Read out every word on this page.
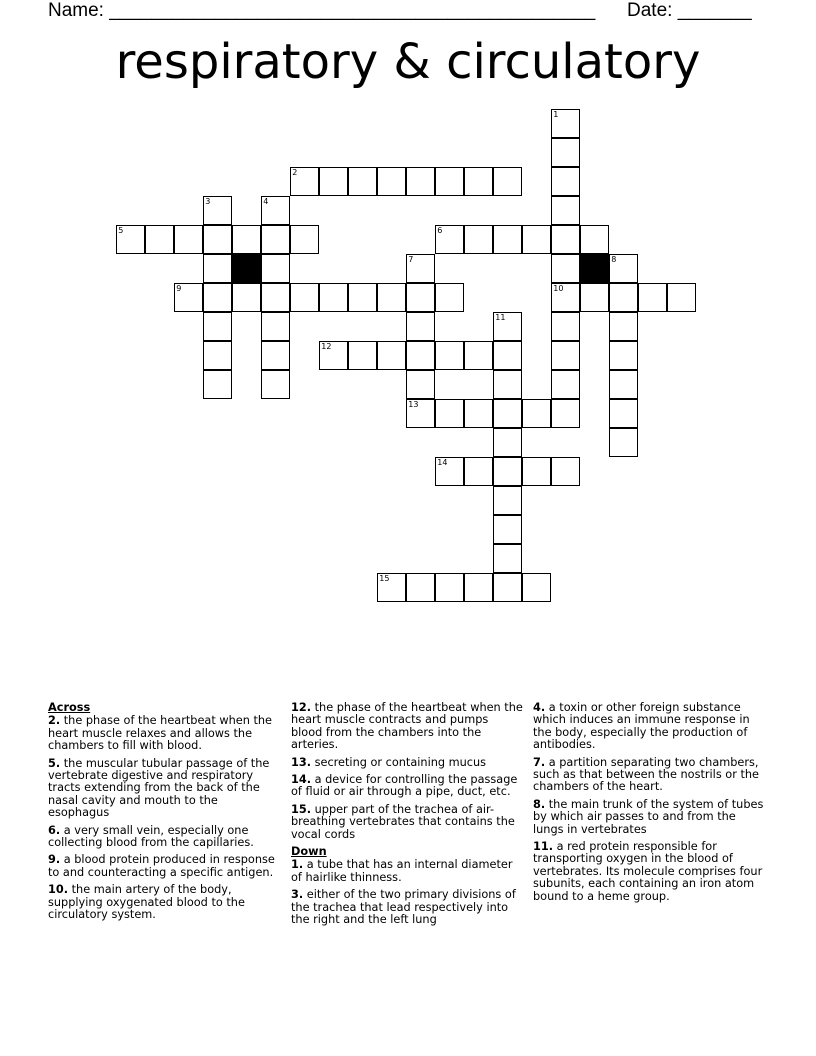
Name: ______________________________________________ Date: _______
respiratory & circulatory
1
10
2
3	4
5	6
7
13
8
9
11
12
14
15
Across
2. the phase of the heartbeat when the heart muscle relaxes and allows the chambers to fill with blood.
5. the muscular tubular passage of the vertebrate digestive and respiratory tracts extending from the back of the nasal cavity and mouth to the esophagus
6. a very small vein, especially one collecting blood from the capillaries.
9. a blood protein produced in response to and counteracting a specific antigen.
10. the main artery of the body, supplying oxygenated blood to the circulatory system.
12. the phase of the heartbeat when the heart muscle contracts and pumps blood from the chambers into the arteries.
13. secreting or containing mucus
14. a device for controlling the passage of fluid or air through a pipe, duct, etc.
15. upper part of the trachea of air-breathing vertebrates that contains the vocal cords
Down
1. a tube that has an internal diameter of hairlike thinness.
3. either of the two primary divisions of the trachea that lead respectively into the right and the left lung
4. a toxin or other foreign substance which induces an immune response in the body, especially the production of antibodies.
7. a partition separating two chambers, such as that between the nostrils or the chambers of the heart.
8. the main trunk of the system of tubes by which air passes to and from the lungs in vertebrates
11. a red protein responsible for transporting oxygen in the blood of vertebrates. Its molecule comprises four subunits, each containing an iron atom bound to a heme group.
